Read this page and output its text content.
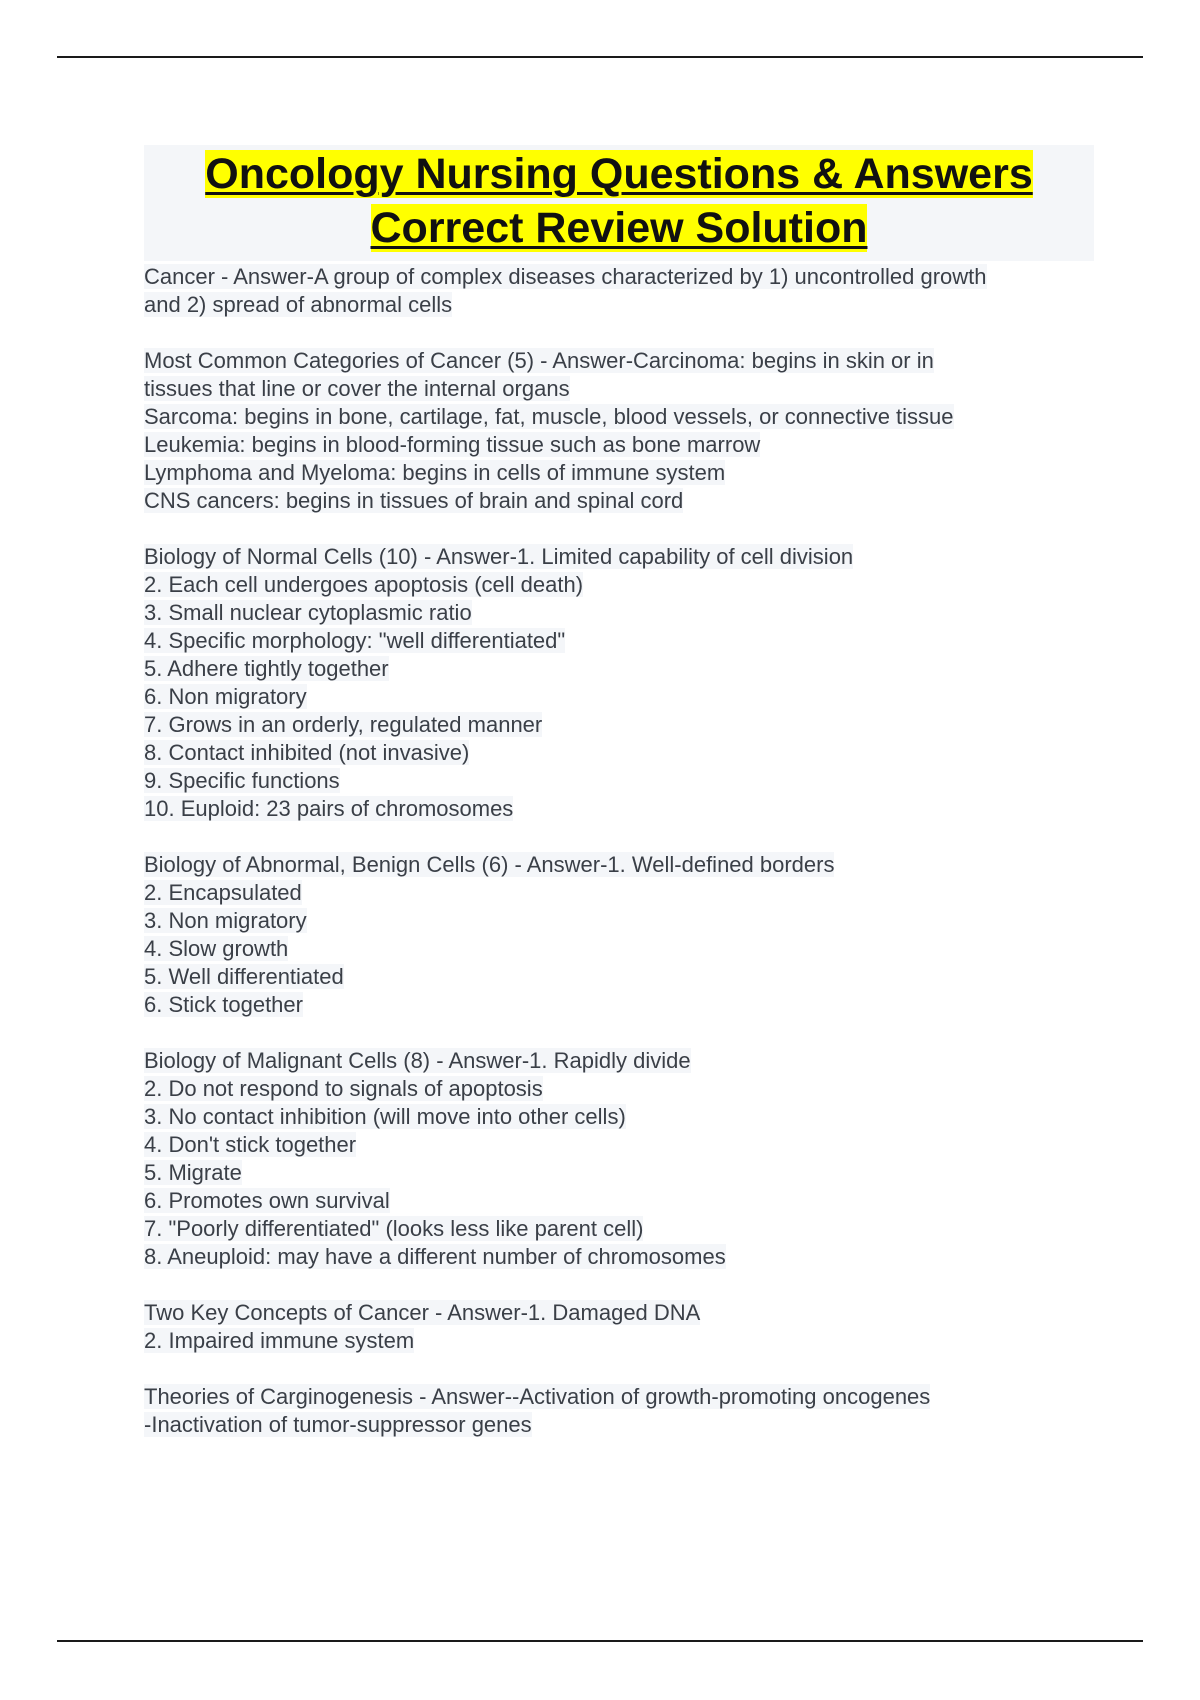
Oncology Nursing Questions & Answers
Correct Review Solution
Cancer - Answer-A group of complex diseases characterized by 1) uncontrolled growth
and 2) spread of abnormal cells
Most Common Categories of Cancer (5) - Answer-Carcinoma: begins in skin or in
tissues that line or cover the internal organs
Sarcoma: begins in bone, cartilage, fat, muscle, blood vessels, or connective tissue
Leukemia: begins in blood-forming tissue such as bone marrow
Lymphoma and Myeloma: begins in cells of immune system
CNS cancers: begins in tissues of brain and spinal cord
Biology of Normal Cells (10) - Answer-1. Limited capability of cell division
2. Each cell undergoes apoptosis (cell death)
3. Small nuclear cytoplasmic ratio
4. Specific morphology: "well differentiated"
5. Adhere tightly together
6. Non migratory
7. Grows in an orderly, regulated manner
8. Contact inhibited (not invasive)
9. Specific functions
10. Euploid: 23 pairs of chromosomes
Biology of Abnormal, Benign Cells (6) - Answer-1. Well-defined borders
2. Encapsulated
3. Non migratory
4. Slow growth
5. Well differentiated
6. Stick together
Biology of Malignant Cells (8) - Answer-1. Rapidly divide
2. Do not respond to signals of apoptosis
3. No contact inhibition (will move into other cells)
4. Don't stick together
5. Migrate
6. Promotes own survival
7. "Poorly differentiated" (looks less like parent cell)
8. Aneuploid: may have a different number of chromosomes
Two Key Concepts of Cancer - Answer-1. Damaged DNA
2. Impaired immune system
Theories of Carginogenesis - Answer--Activation of growth-promoting oncogenes
-Inactivation of tumor-suppressor genes
